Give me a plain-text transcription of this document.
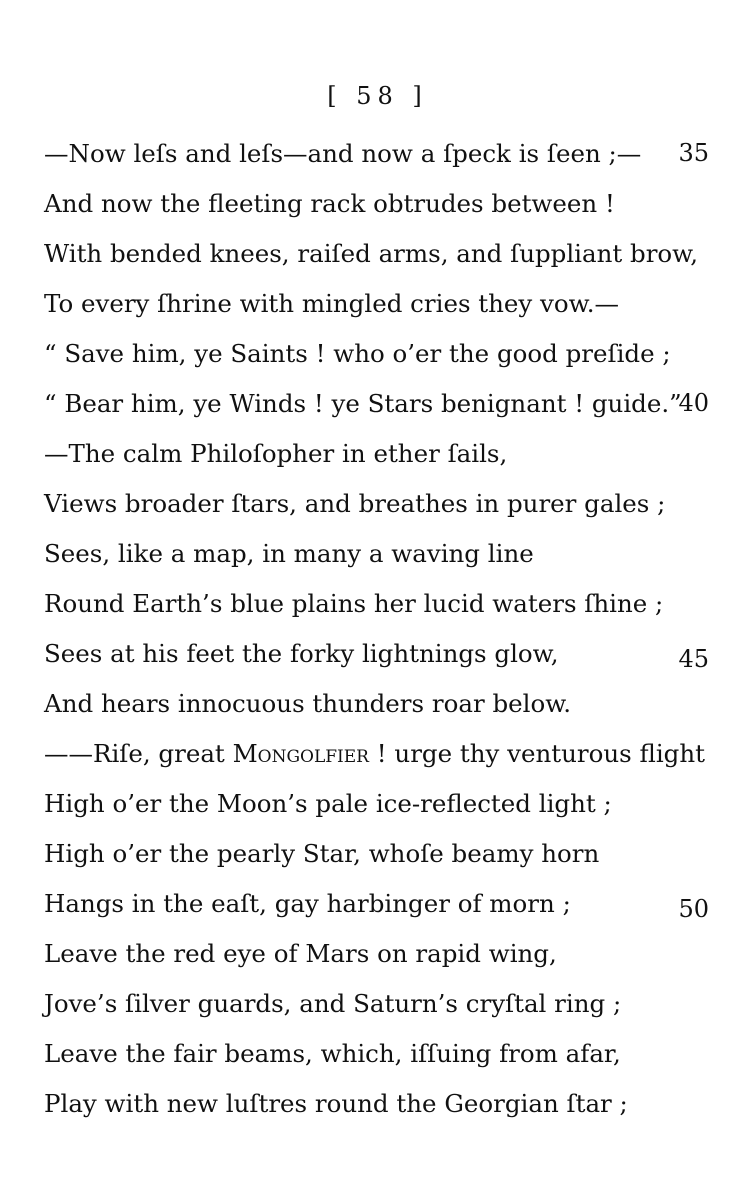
[ 58 ]
—Now leſs and leſs—and now a ſpeck is ſeen ;— 35
And now the fleeting rack obtrudes between !
With bended knees, raiſed arms, and ſuppliant brow,
To every ſhrine with mingled cries they vow.—
“ Save him, ye Saints ! who o’er the good preſide ;
“ Bear him, ye Winds ! ye Stars benignant ! guide.”
40
—The calm Philoſopher in ether ſails,
Views broader ſtars, and breathes in purer gales ;
Sees, like a map, in many a waving line
Round Earth’s blue plains her lucid waters ſhine ;
Sees at his feet the forky lightnings glow,	45
And hears innocuous thunders roar below.
——Riſe, great Mongolfier ! urge thy venturous flight
High o’er the Moon’s pale ice-reflected light ;
High o’er the pearly Star, whoſe beamy horn
Hangs in the eaſt, gay harbinger of morn ;	50
Leave the red eye of Mars on rapid wing,
Jove’s ſilver guards, and Saturn’s cryſtal ring ;
Leave the fair beams, which, iſſuing from afar,
Play with new luſtres round the Georgian ſtar ;
